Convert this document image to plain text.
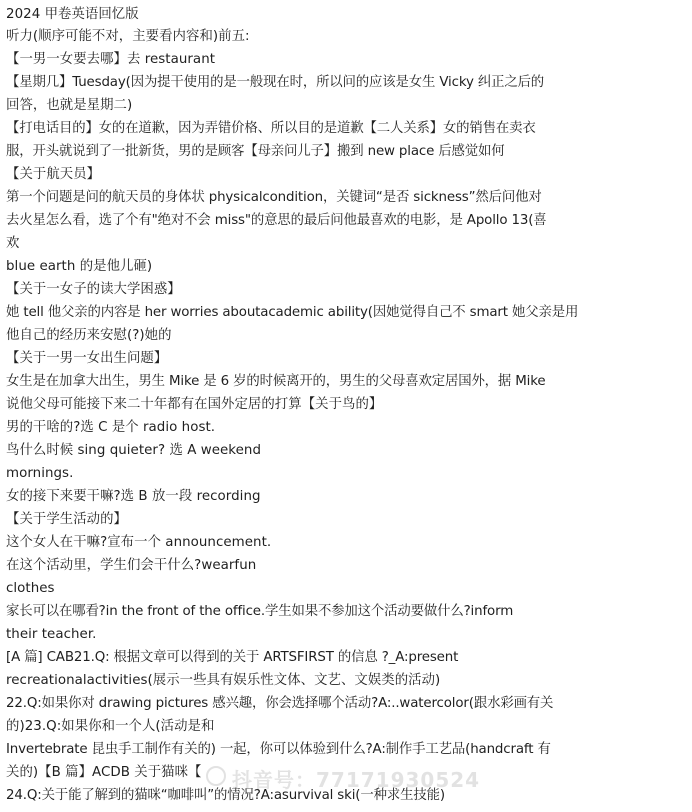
2024 甲卷英语回忆版
听力(顺序可能不对，主要看内容和)前五:
【一男一女要去哪】去 restaurant
【星期几】Tuesday(因为提干使用的是一般现在时，所以问的应该是女生 Vicky 纠正之后的
回答，也就是星期二)
【打电话目的】女的在道歉，因为弄错价格、所以目的是道歉【二人关系】女的销售在卖衣
服，开头就说到了一批新货，男的是顾客【母亲问儿子】搬到 new place 后感觉如何
【关于航天员】
第一个问题是问的航天员的身体状 physicalcondition，关键词“是否 sickness”然后问他对
去火星怎么看，选了个有"绝对不会 miss"的意思的最后问他最喜欢的电影，是 Apollo 13(喜
欢
blue earth 的是他儿砸)
【关于一女子的读大学困惑】
她 tell 他父亲的内容是 her worries aboutacademic ability(因她觉得自己不 smart 她父亲是用
他自己的经历来安慰(?)她的
【关于一男一女出生问题】
女生是在加拿大出生，男生 Mike 是 6 岁的时候离开的，男生的父母喜欢定居国外，据 Mike
说他父母可能接下来二十年都有在国外定居的打算【关于鸟的】
男的干啥的?选 C 是个 radio host.
鸟什么时候 sing quieter? 选 A weekend
mornings.
女的接下来要干嘛?选 B 放一段 recording
【关于学生活动的】
这个女人在干嘛?宣布一个 announcement.
在这个活动里，学生们会干什么?wearfun
clothes
家长可以在哪看?in the front of the office.学生如果不参加这个活动要做什么?inform
their teacher.
[A 篇] CAB21.Q: 根据文章可以得到的关于 ARTSFIRST 的信息 ?_A:present
recreationalactivities(展示一些具有娱乐性文体、文艺、文娱类的活动)
22.Q:如果你对 drawing pictures 感兴趣，你会选择哪个活动?A:..watercolor(跟水彩画有关
的)23.Q:如果你和一个人(活动是和
Invertebrate 昆虫手工制作有关的) 一起，你可以体验到什么?A:制作手工艺品(handcraft 有
关的)【B 篇】ACDB 关于猫咪【
24.Q:关于能了解到的猫咪“咖啡叫”的情况?A:asurvival ski(一种求生技能)
抖音号：77171930524
